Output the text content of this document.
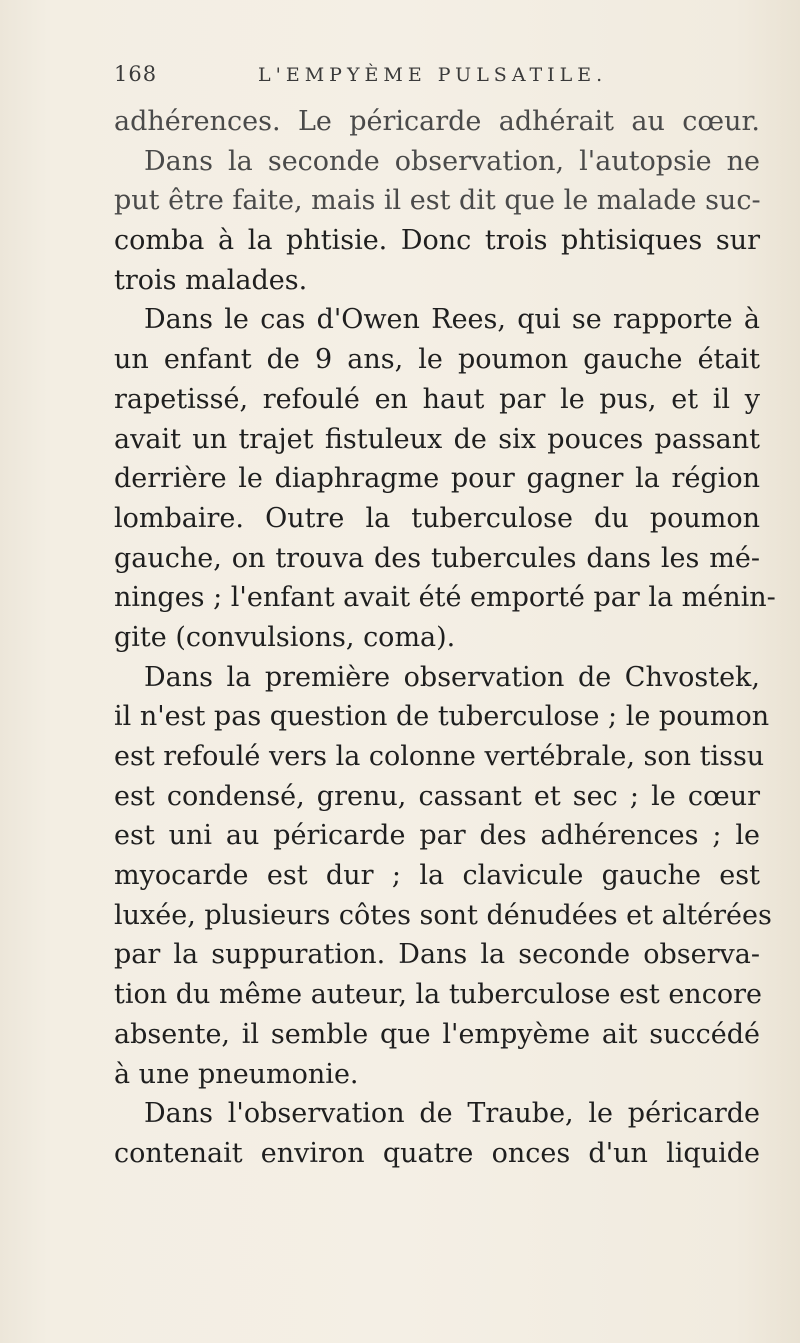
168	L'EMPYÈME PULSATILE.
adhérences. Le péricarde adhérait au cœur.
Dans la seconde observation, l'autopsie ne
put être faite, mais il est dit que le malade suc-
comba à la phtisie. Donc trois phtisiques sur
trois malades.
Dans le cas d'Owen Rees, qui se rapporte à
un enfant de 9 ans, le poumon gauche était
rapetissé, refoulé en haut par le pus, et il y
avait un trajet fistuleux de six pouces passant
derrière le diaphragme pour gagner la région
lombaire. Outre la tuberculose du poumon
gauche, on trouva des tubercules dans les mé-
ninges ; l'enfant avait été emporté par la ménin-
gite (convulsions, coma).
Dans la première observation de Chvostek,
il n'est pas question de tuberculose ; le poumon
est refoulé vers la colonne vertébrale, son tissu
est condensé, grenu, cassant et sec ; le cœur
est uni au péricarde par des adhérences ; le
myocarde est dur ; la clavicule gauche est
luxée, plusieurs côtes sont dénudées et altérées
par la suppuration. Dans la seconde observa-
tion du même auteur, la tuberculose est encore
absente, il semble que l'empyème ait succédé
à une pneumonie.
Dans l'observation de Traube, le péricarde
contenait environ quatre onces d'un liquide
